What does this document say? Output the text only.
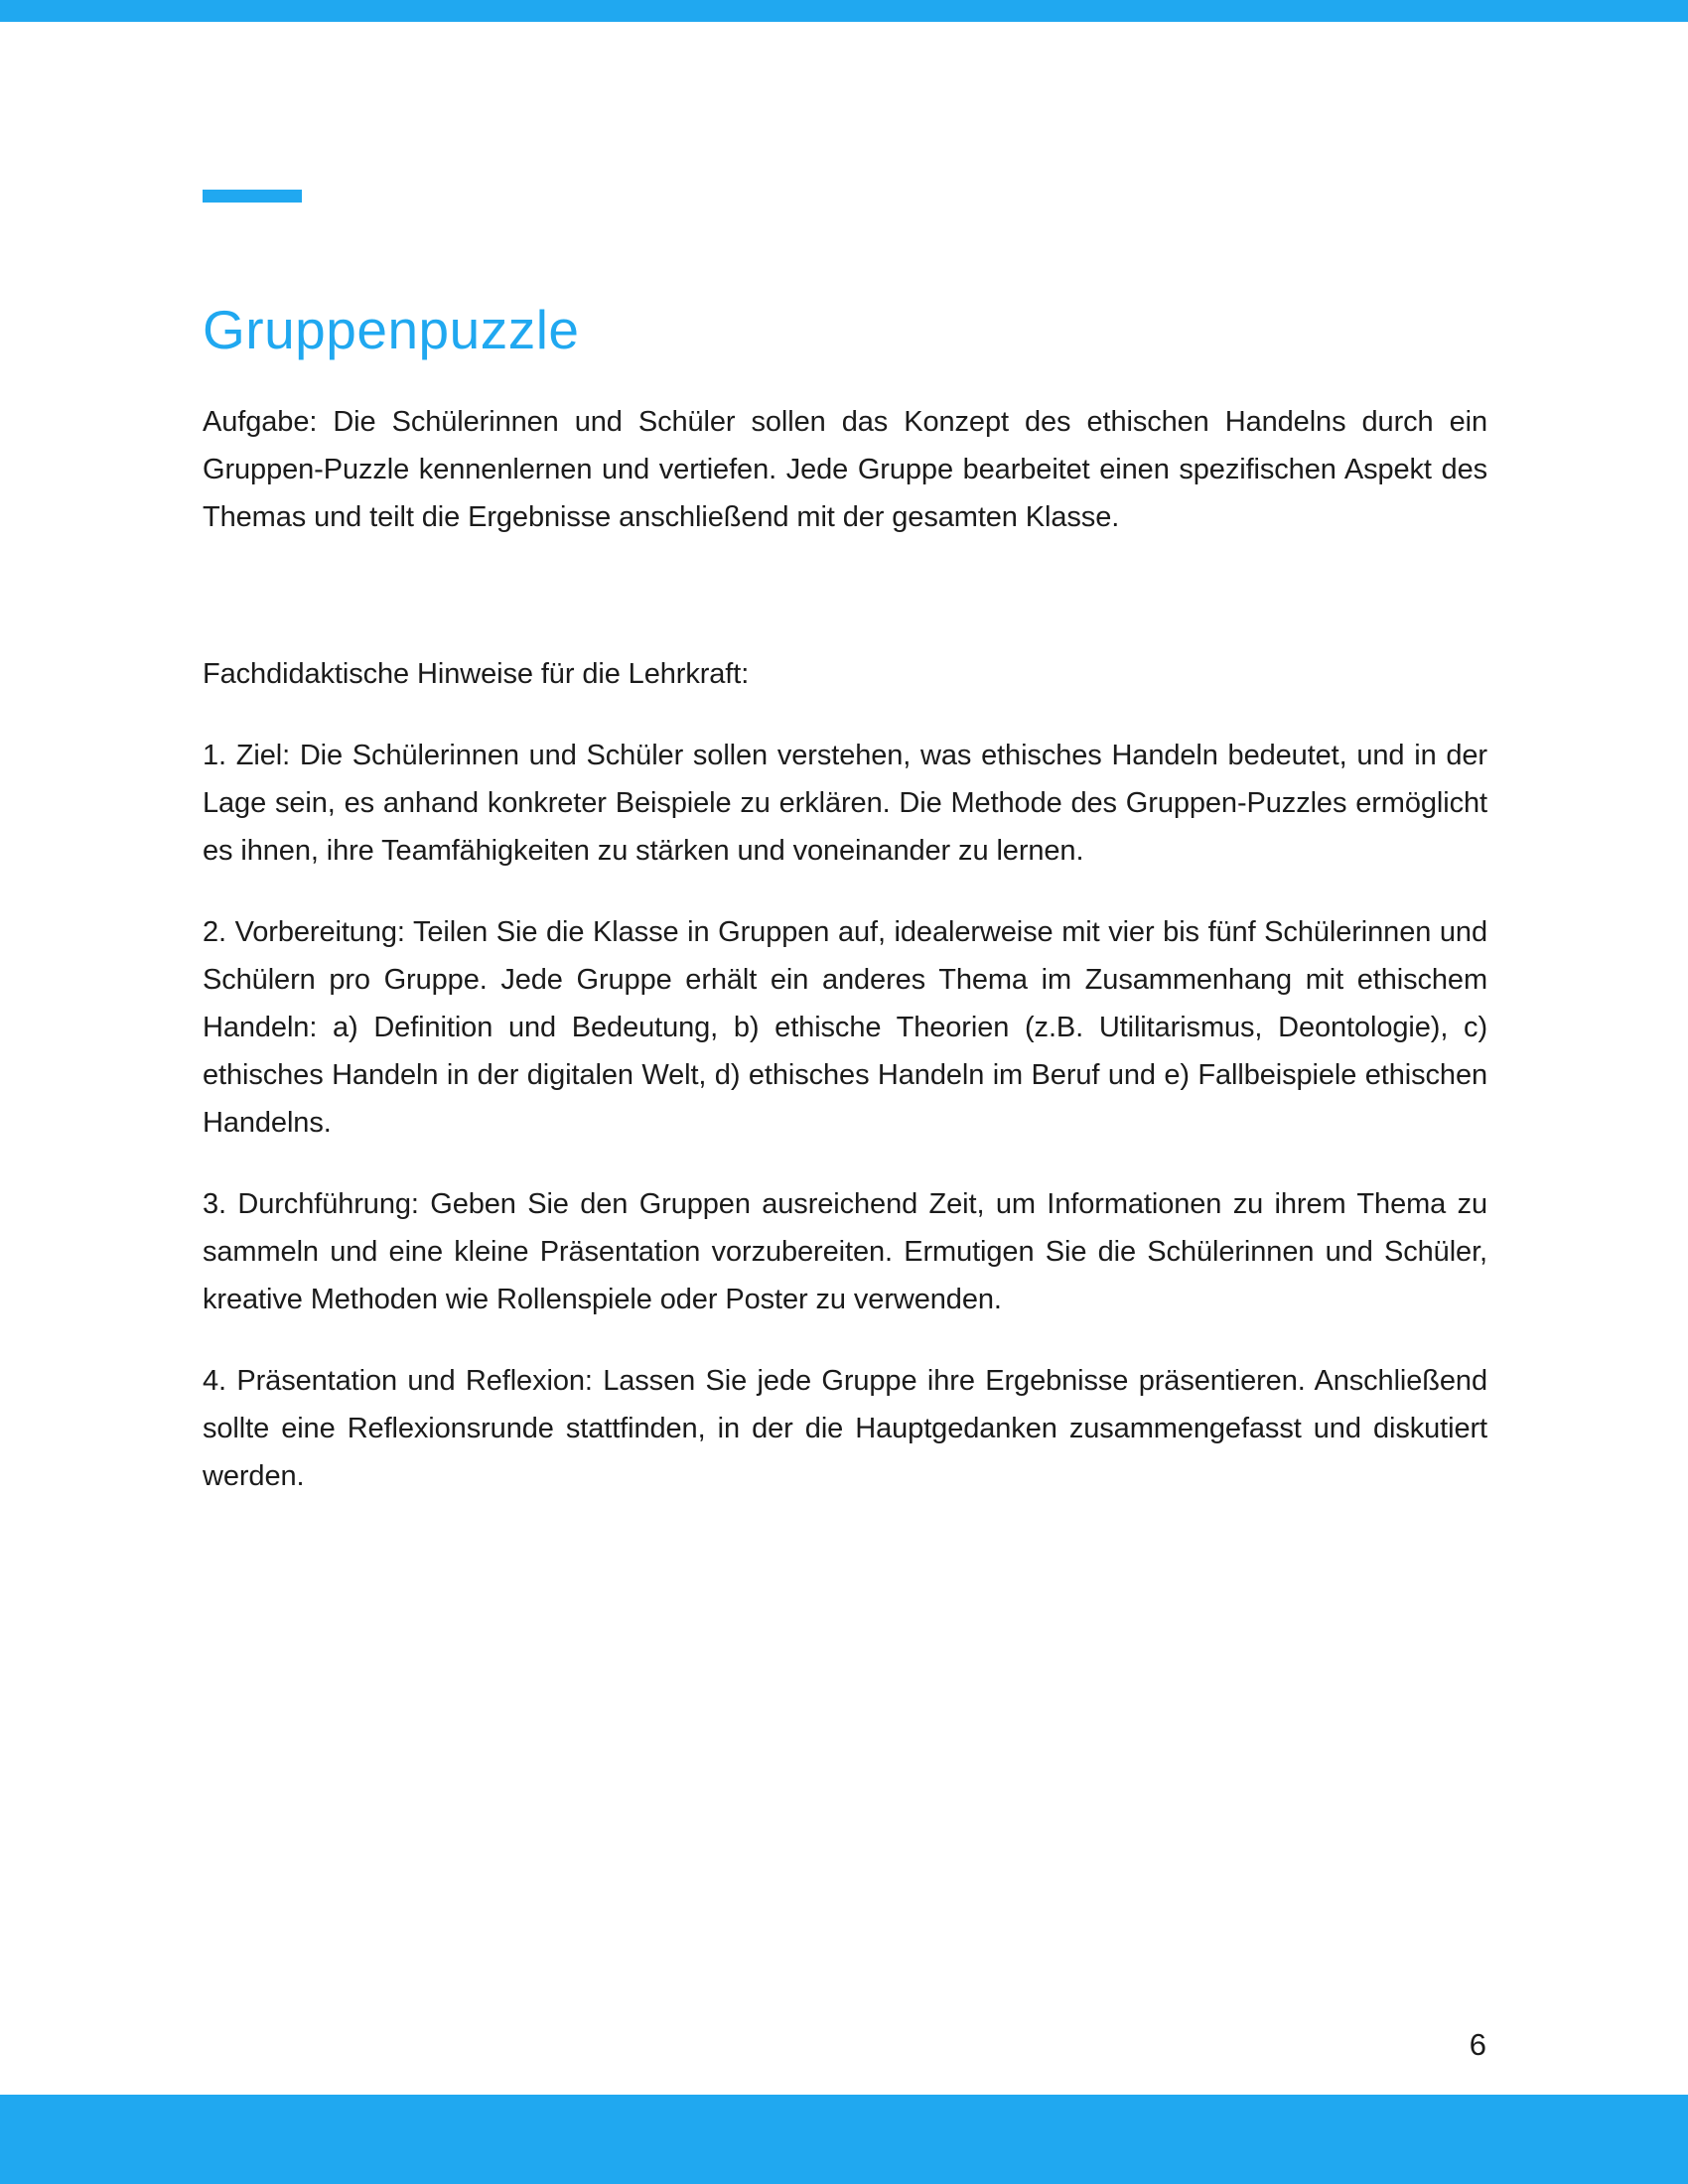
Gruppenpuzzle

Aufgabe: Die Schülerinnen und Schüler sollen das Konzept des ethischen Handelns durch ein Gruppen-Puzzle kennenlernen und vertiefen. Jede Gruppe bearbeitet einen spezifischen Aspekt des Themas und teilt die Ergebnisse anschließend mit der gesamten Klasse.

Fachdidaktische Hinweise für die Lehrkraft:

1. Ziel: Die Schülerinnen und Schüler sollen verstehen, was ethisches Handeln bedeutet, und in der Lage sein, es anhand konkreter Beispiele zu erklären. Die Methode des Gruppen-Puzzles ermöglicht es ihnen, ihre Teamfähigkeiten zu stärken und voneinander zu lernen.

2. Vorbereitung: Teilen Sie die Klasse in Gruppen auf, idealerweise mit vier bis fünf Schülerinnen und Schülern pro Gruppe. Jede Gruppe erhält ein anderes Thema im Zusammenhang mit ethischem Handeln: a) Definition und Bedeutung, b) ethische Theorien (z.B. Utilitarismus, Deontologie), c) ethisches Handeln in der digitalen Welt, d) ethisches Handeln im Beruf und e) Fallbeispiele ethischen Handelns.

3. Durchführung: Geben Sie den Gruppen ausreichend Zeit, um Informationen zu ihrem Thema zu sammeln und eine kleine Präsentation vorzubereiten. Ermutigen Sie die Schülerinnen und Schüler, kreative Methoden wie Rollenspiele oder Poster zu verwenden.

4. Präsentation und Reflexion: Lassen Sie jede Gruppe ihre Ergebnisse präsentieren. Anschließend sollte eine Reflexionsrunde stattfinden, in der die Hauptgedanken zusammengefasst und diskutiert werden.

6
